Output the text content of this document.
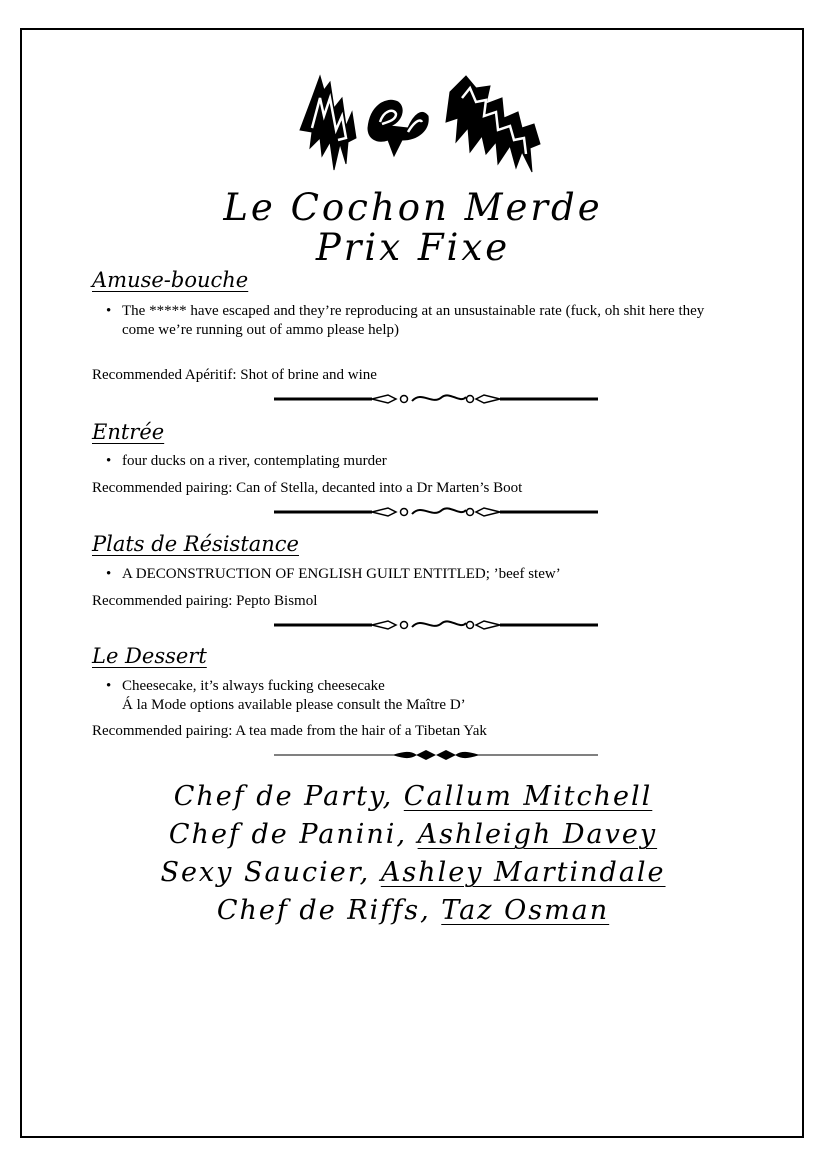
Le Cochon Merde
Prix Fixe
Amuse-bouche
• The ***** have escaped and they’re reproducing at an unsustainable rate (fuck, oh shit here they
come we’re running out of ammo please help)
Recommended Apéritif: Shot of brine and wine
Entrée
• four ducks on a river, contemplating murder
Recommended pairing: Can of Stella, decanted into a Dr Marten’s Boot
Plats de Résistance
• A DECONSTRUCTION OF ENGLISH GUILT ENTITLED; ’beef stew’
Recommended pairing: Pepto Bismol
Le Dessert
• Cheesecake, it’s always fucking cheesecake
Á la Mode options available please consult the Maître D’
Recommended pairing: A tea made from the hair of a Tibetan Yak
Chef de Party, Callum Mitchell
Chef de Panini, Ashleigh Davey
Sexy Saucier, Ashley Martindale
Chef de Riffs, Taz Osman
